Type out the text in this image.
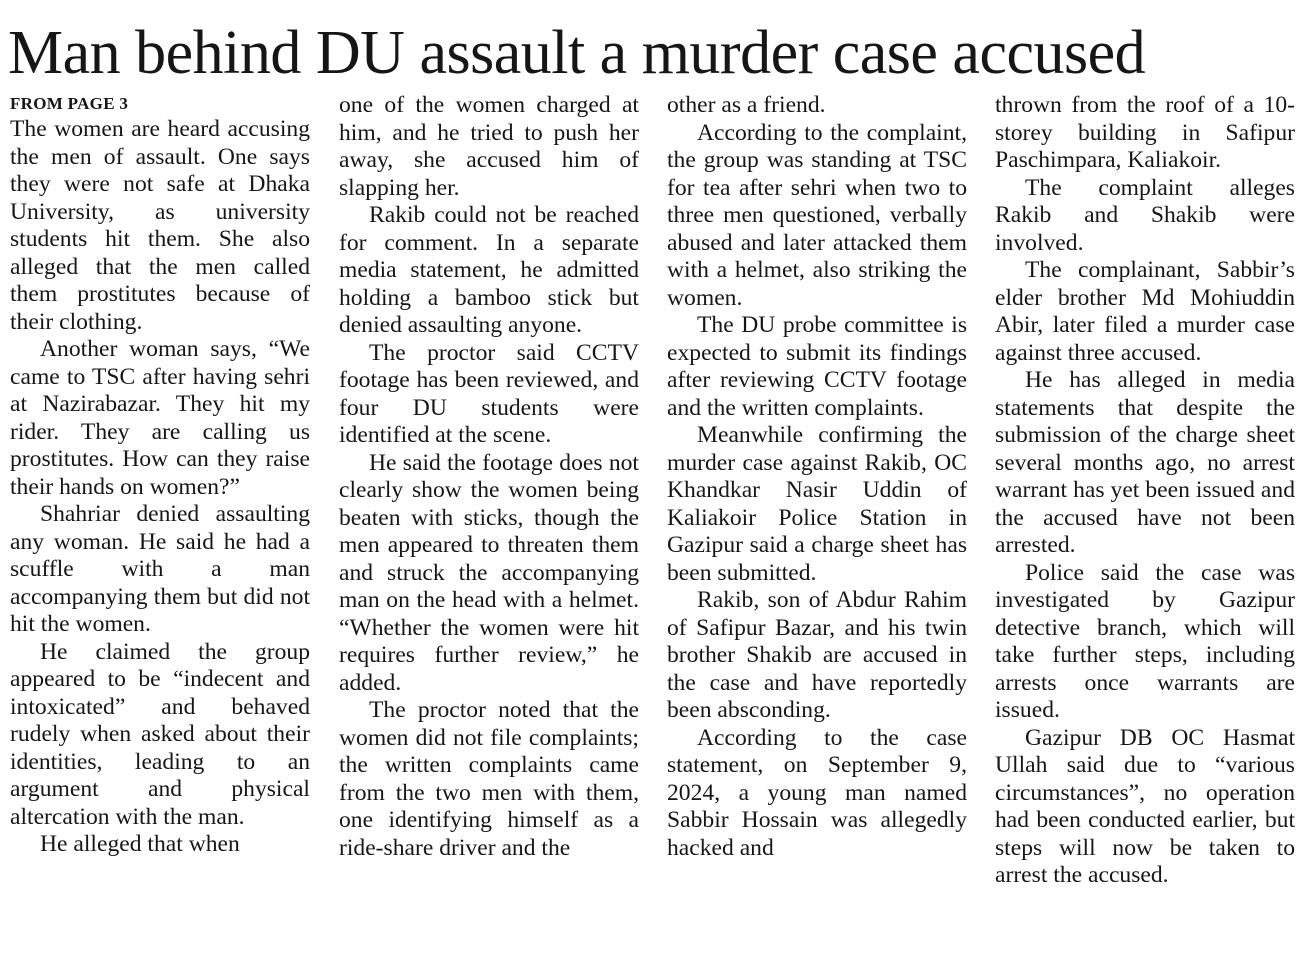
Man behind DU assault a murder case accused
FROM PAGE 3

The women are heard accusing the men of assault. One says they were not safe at Dhaka University, as university students hit them. She also alleged that the men called them prostitutes because of their clothing.

Another woman says, “We came to TSC after having sehri at Nazirabazar. They hit my rider. They are calling us prostitutes. How can they raise their hands on women?”

Shahriar denied assaulting any woman. He said he had a scuffle with a man accompanying them but did not hit the women.

He claimed the group appeared to be “indecent and intoxicated” and behaved rudely when asked about their identities, leading to an argument and physical altercation with the man.

He alleged that when

one of the women charged at him, and he tried to push her away, she accused him of slapping her.

Rakib could not be reached for comment. In a separate media statement, he admitted holding a bamboo stick but denied assaulting anyone.

The proctor said CCTV footage has been reviewed, and four DU students were identified at the scene.

He said the footage does not clearly show the women being beaten with sticks, though the men appeared to threaten them and struck the accompanying man on the head with a helmet. “Whether the women were hit requires further review,” he added.

The proctor noted that the women did not file complaints; the written complaints came from the two men with them, one identifying himself as a ride-share driver and the

other as a friend.

According to the complaint, the group was standing at TSC for tea after sehri when two to three men questioned, verbally abused and later attacked them with a helmet, also striking the women.

The DU probe committee is expected to submit its findings after reviewing CCTV footage and the written complaints.

Meanwhile confirming the murder case against Rakib, OC Khandkar Nasir Uddin of Kaliakoir Police Station in Gazipur said a charge sheet has been submitted.

Rakib, son of Abdur Rahim of Safipur Bazar, and his twin brother Shakib are accused in the case and have reportedly been absconding.

According to the case statement, on September 9, 2024, a young man named Sabbir Hossain was allegedly hacked and

thrown from the roof of a 10-storey building in Safipur Paschimpara, Kaliakoir.

The complaint alleges Rakib and Shakib were involved.

The complainant, Sabbir’s elder brother Md Mohiuddin Abir, later filed a murder case against three accused.

He has alleged in media statements that despite the submission of the charge sheet several months ago, no arrest warrant has yet been issued and the accused have not been arrested.

Police said the case was investigated by Gazipur detective branch, which will take further steps, including arrests once warrants are issued.

Gazipur DB OC Hasmat Ullah said due to “various circumstances”, no operation had been conducted earlier, but steps will now be taken to arrest the accused.
